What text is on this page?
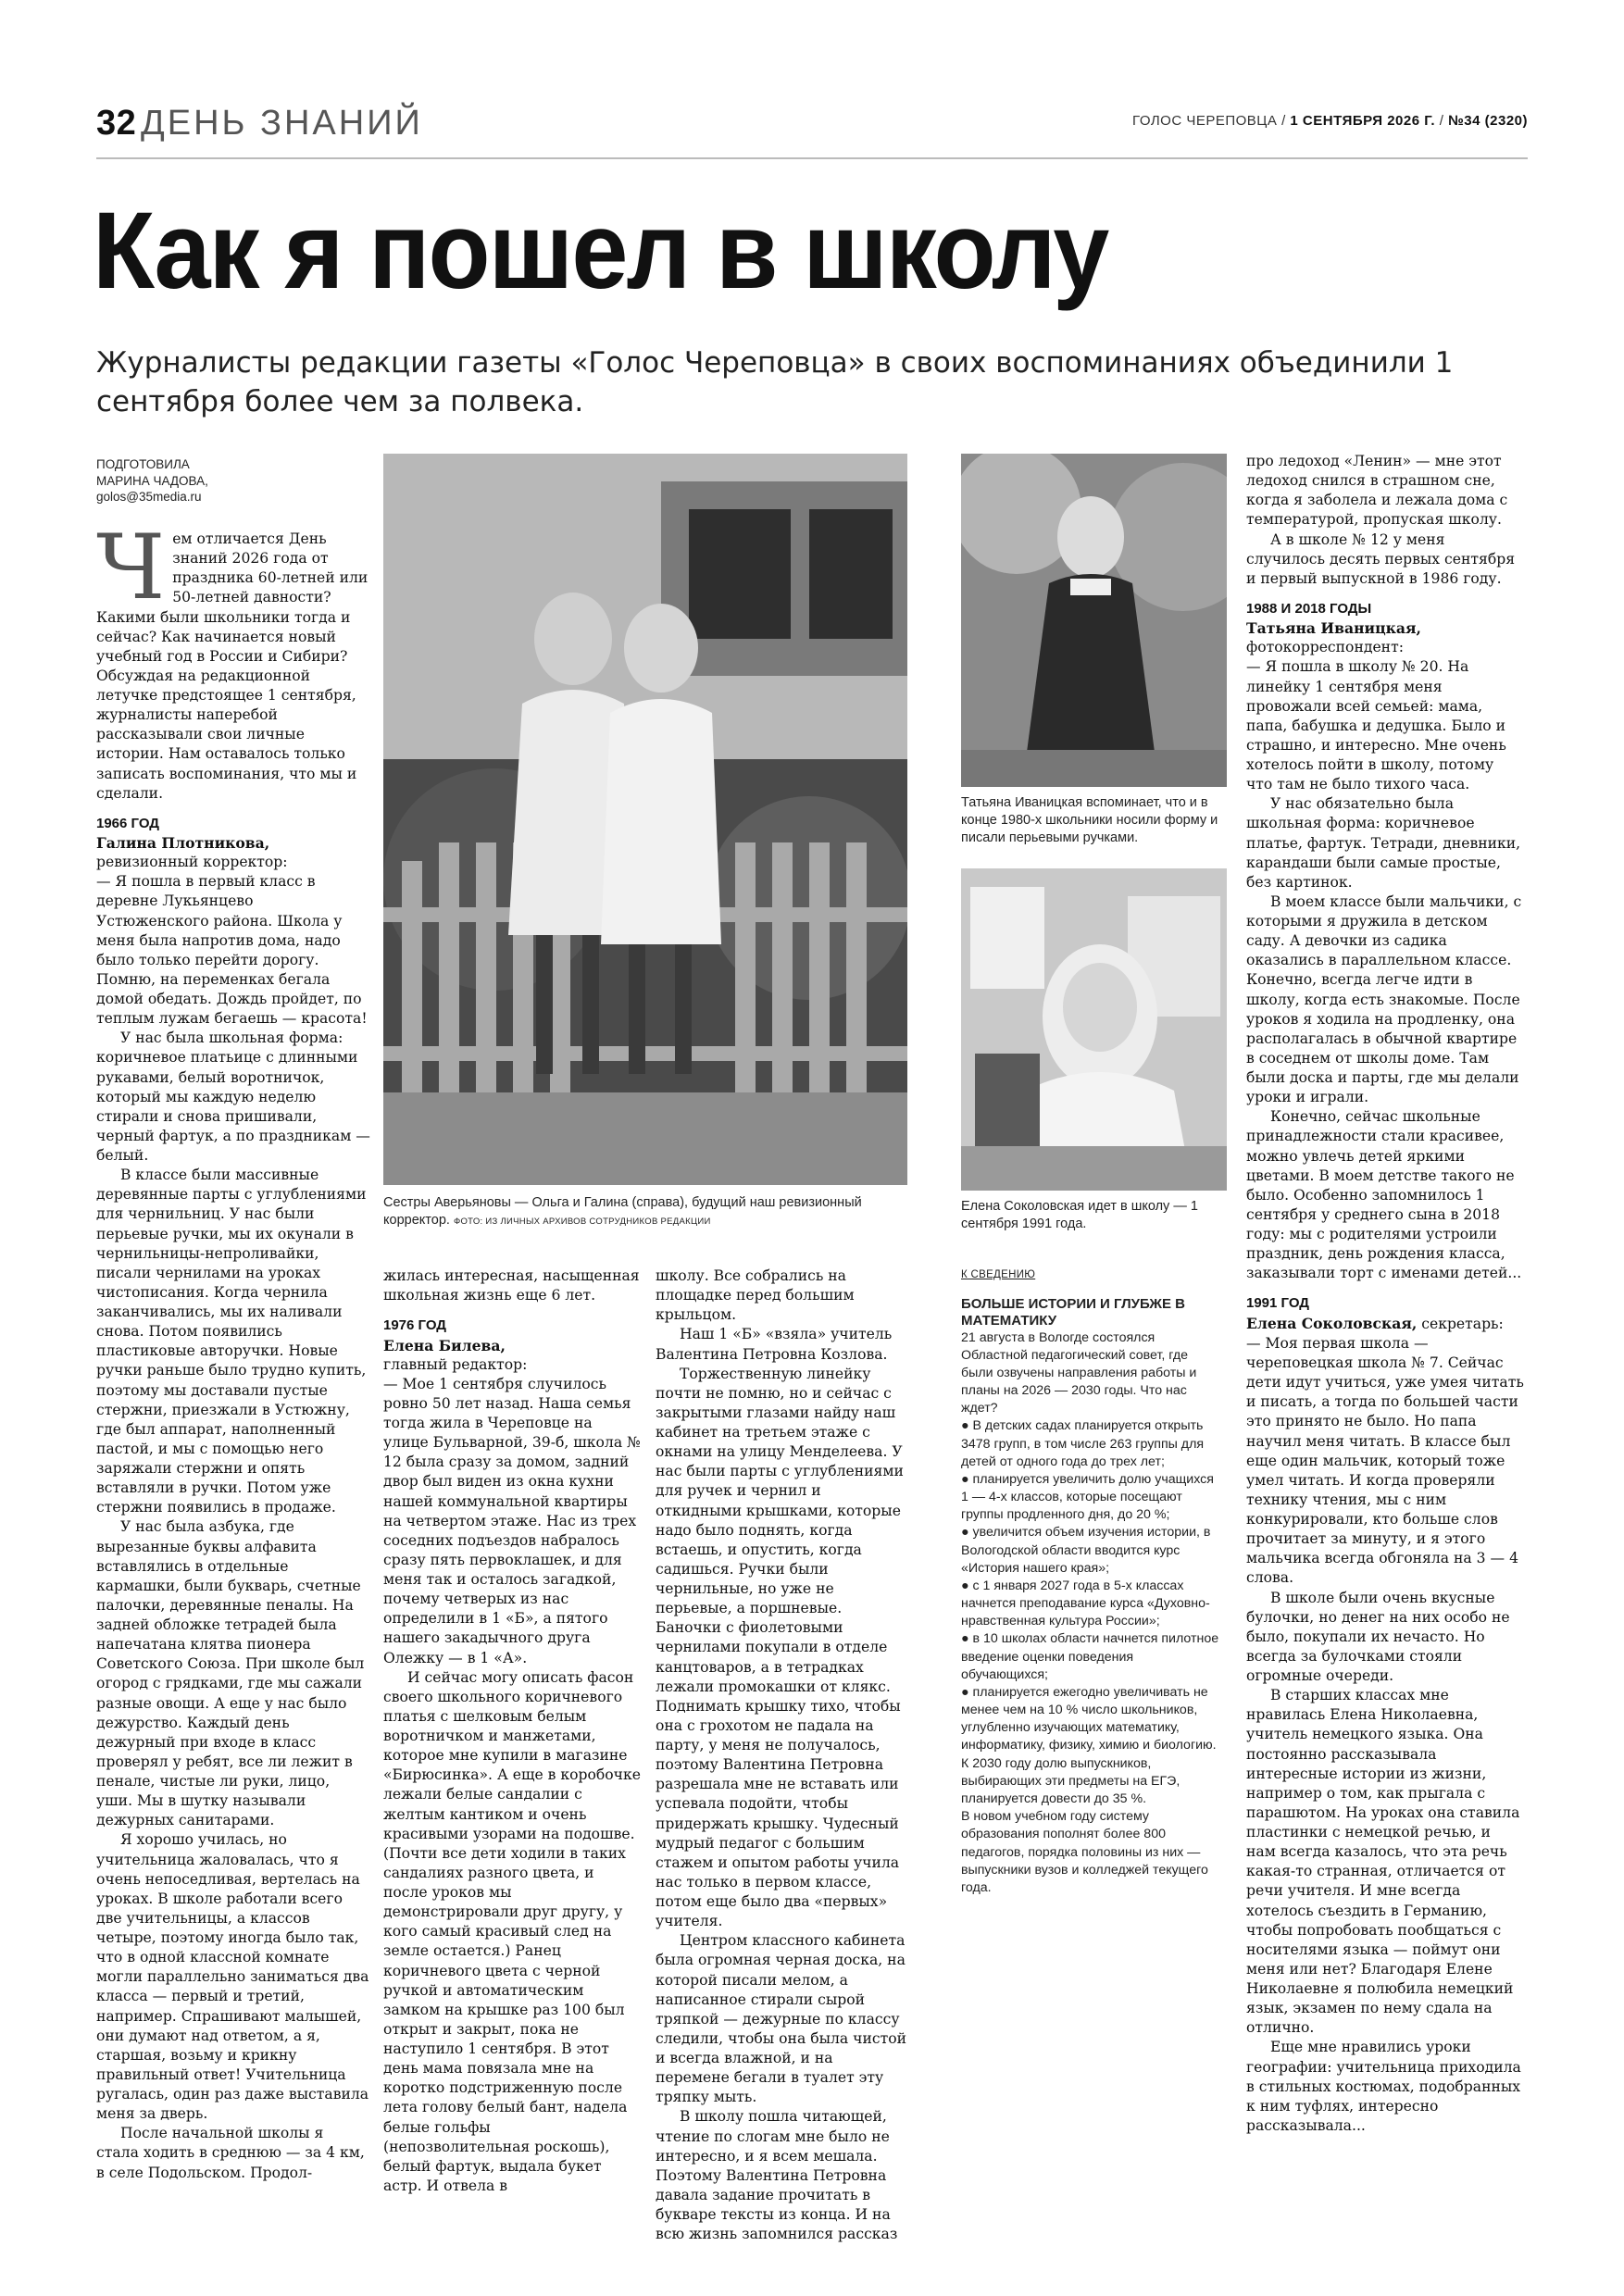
32 ДЕНЬ ЗНАНИЙ	ГОЛОС ЧЕРЕПОВЦА / 1 СЕНТЯБРЯ 2026 Г. / №34 (2320)
Как я пошел в школу
Журналисты редакции газеты «Голос Череповца» в своих воспоминаниях объединили 1 сентября более чем за полвека.
ПОДГОТОВИЛА
МАРИНА ЧАДОВА,
golos@35media.ru
Ч ем отличается День знаний 2026 года от праздника 60-летней или 50-летней давности? Какими были школьники тогда и сейчас? Как начинается новый учебный год в России и Сибири? Обсуждая на редакционной летучке предстоящее 1 сентября, журналисты наперебой рассказывали свои личные истории. Нам оставалось только записать воспоминания, что мы и сделали.

1966 ГОД
Галина Плотникова,
ревизионный корректор:

— Я пошла в первый класс в деревне Лукьянцево Устюженского района. Школа у меня была напротив дома, надо было только перейти дорогу. Помню, на переменках бегала домой обедать. Дождь пройдет, по теплым лужам бегаешь — красота!

У нас была школьная форма: коричневое платьице с длинными рукавами, белый воротничок, который мы каждую неделю стирали и снова пришивали, черный фартук, а по праздникам — белый.

В классе были массивные деревянные парты с углублениями для чернильниц. У нас были перьевые ручки, мы их окунали в чернильницы-непроливайки, писали чернилами на уроках чистописания. Когда чернила заканчивались, мы их наливали снова. Потом появились пластиковые авторучки. Новые ручки раньше было трудно купить, поэтому мы доставали пустые стержни, приезжали в Устюжну, где был аппарат, наполненный пастой, и мы с помощью него заряжали стержни и опять вставляли в ручки. Потом уже стержни появились в продаже.

У нас была азбука, где вырезанные буквы алфавита вставлялись в отдельные кармашки, были букварь, счетные палочки, деревянные пеналы. На задней обложке тетрадей была напечатана клятва пионера Советского Союза. При школе был огород с грядками, где мы сажали разные овощи. А еще у нас было дежурство. Каждый день дежурный при входе в класс проверял у ребят, все ли лежит в пенале, чистые ли руки, лицо, уши. Мы в шутку называли дежурных санитарами.

Я хорошо училась, но учительница жаловалась, что я очень непоседливая, вертелась на уроках. В школе работали всего две учительницы, а классов четыре, поэтому иногда было так, что в одной классной комнате могли параллельно заниматься два класса — первый и третий, например. Спрашивают малышей, они думают над ответом, а я, старшая, возьму и крикну правильный ответ! Учительница ругалась, один раз даже выставила меня за дверь.

После начальной школы я стала ходить в среднюю — за 4 км, в селе Подольском. Продол-

Сестры Аверьяновы — Ольга и Галина (справа), будущий наш ревизионный корректор. ФОТО: ИЗ ЛИЧНЫХ АРХИВОВ СОТРУДНИКОВ РЕДАКЦИИ

жилась интересная, насыщенная школьная жизнь еще 6 лет.

1976 ГОД
Елена Билева,
главный редактор:

— Мое 1 сентября случилось ровно 50 лет назад. Наша семья тогда жила в Череповце на улице Бульварной, 39-б, школа № 12 была сразу за домом, задний двор был виден из окна кухни нашей коммунальной квартиры на четвертом этаже. Нас из трех соседних подъездов набралось сразу пять первоклашек, и для меня так и осталось загадкой, почему четверых из нас определили в 1 «Б», а пятого нашего закадычного друга Олежку — в 1 «А».

И сейчас могу описать фасон своего школьного коричневого платья с шелковым белым воротничком и манжетами, которое мне купили в магазине «Бирюсинка». А еще в коробочке лежали белые сандалии с желтым кантиком и очень красивыми узорами на подошве. (Почти все дети ходили в таких сандалиях разного цвета, и после уроков мы демонстрировали друг другу, у кого самый красивый след на земле остается.) Ранец коричневого цвета с черной ручкой и автоматическим замком на крышке раз 100 был открыт и закрыт, пока не наступило 1 сентября. В этот день мама повязала мне на коротко подстриженную после лета голову белый бант, надела белые гольфы (непозволительная роскошь), белый фартук, выдала букет астр. И отвела в

школу. Все собрались на площадке перед большим крыльцом.

Наш 1 «Б» «взяла» учитель Валентина Петровна Козлова.

Торжественную линейку почти не помню, но и сейчас с закрытыми глазами найду наш кабинет на третьем этаже с окнами на улицу Менделеева. У нас были парты с углублениями для ручек и чернил и откидными крышками, которые надо было поднять, когда встаешь, и опустить, когда садишься. Ручки были чернильные, но уже не перьевые, а поршневые. Баночки с фиолетовыми чернилами покупали в отделе канцтоваров, а в тетрадках лежали промокашки от клякс. Поднимать крышку тихо, чтобы она с грохотом не падала на парту, у меня не получалось, поэтому Валентина Петровна разрешала мне не вставать или успевала подойти, чтобы придержать крышку. Чудесный мудрый педагог с большим стажем и опытом работы учила нас только в первом классе, потом еще было два «первых» учителя.

Центром классного кабинета была огромная черная доска, на которой писали мелом, а написанное стирали сырой тряпкой — дежурные по классу следили, чтобы она была чистой и всегда влажной, и на перемене бегали в туалет эту тряпку мыть.

В школу пошла читающей, чтение по слогам мне было не интересно, и я всем мешала. Поэтому Валентина Петровна давала задание прочитать в букваре тексты из конца. И на всю жизнь запомнился рассказ

Татьяна Иваницкая вспоминает, что и в конце 1980-х школьники носили форму и писали перьевыми ручками.
Елена Соколовская идет в школу — 1 сентября 1991 года.
К СВЕДЕНИЮ
БОЛЬШЕ ИСТОРИИ И ГЛУБЖЕ В МАТЕМАТИКУ

21 августа в Вологде состоялся Областной педагогический совет, где были озвучены направления работы и планы на 2026 — 2030 годы. Что нас ждет?

● В детских садах планируется открыть 3478 групп, в том числе 263 группы для детей от одного года до трех лет;

● планируется увеличить долю учащихся 1 — 4-х классов, которые посещают группы продленного дня, до 20 %;

● увеличится объем изучения истории, в Вологодской области вводится курс «История нашего края»;

● с 1 января 2027 года в 5-х классах начнется преподавание курса «Духовно-нравственная культура России»;

● в 10 школах области начнется пилотное введение оценки поведения обучающихся;

● планируется ежегодно увеличивать не менее чем на 10 % число школьников, углубленно изучающих математику, информатику, физику, химию и биологию. К 2030 году долю выпускников, выбирающих эти предметы на ЕГЭ, планируется довести до 35 %.

В новом учебном году систему образования пополнят более 800 педагогов, порядка половины из них — выпускники вузов и колледжей текущего года.

про ледоход «Ленин» — мне этот ледоход снился в страшном сне, когда я заболела и лежала дома с температурой, пропуская школу.

А в школе № 12 у меня случилось десять первых сентября и первый выпускной в 1986 году.

1988 И 2018 ГОДЫ
Татьяна Иваницкая,
фотокорреспондент:

— Я пошла в школу № 20. На линейку 1 сентября меня провожали всей семьей: мама, папа, бабушка и дедушка. Было и страшно, и интересно. Мне очень хотелось пойти в школу, потому что там не было тихого часа.

У нас обязательно была школьная форма: коричневое платье, фартук. Тетради, дневники, карандаши были самые простые, без картинок.

В моем классе были мальчики, с которыми я дружила в детском саду. А девочки из садика оказались в параллельном классе. Конечно, всегда легче идти в школу, когда есть знакомые. После уроков я ходила на продленку, она располагалась в обычной квартире в соседнем от школы доме. Там были доска и парты, где мы делали уроки и играли.

Конечно, сейчас школьные принадлежности стали красивее, можно увлечь детей яркими цветами. В моем детстве такого не было. Особенно запомнилось 1 сентября у среднего сына в 2018 году: мы с родителями устроили праздник, день рождения класса, заказывали торт с именами детей...

1991 ГОД
Елена Соколовская, секретарь:

— Моя первая школа — череповецкая школа № 7. Сейчас дети идут учиться, уже умея читать и писать, а тогда по большей части это принято не было. Но папа научил меня читать. В классе был еще один мальчик, который тоже умел читать. И когда проверяли технику чтения, мы с ним конкурировали, кто больше слов прочитает за минуту, и я этого мальчика всегда обгоняла на 3 — 4 слова.

В школе были очень вкусные булочки, но денег на них особо не было, покупали их нечасто. Но всегда за булочками стояли огромные очереди.

В старших классах мне нравилась Елена Николаевна, учитель немецкого языка. Она постоянно рассказывала интересные истории из жизни, например о том, как прыгала с парашютом. На уроках она ставила пластинки с немецкой речью, и нам всегда казалось, что эта речь какая-то странная, отличается от речи учителя. И мне всегда хотелось съездить в Германию, чтобы попробовать пообщаться с носителями языка — поймут они меня или нет? Благодаря Елене Николаевне я полюбила немецкий язык, экзамен по нему сдала на отлично.

Еще мне нравились уроки географии: учительница приходила в стильных костюмах, подобранных к ним туфлях, интересно рассказывала...
